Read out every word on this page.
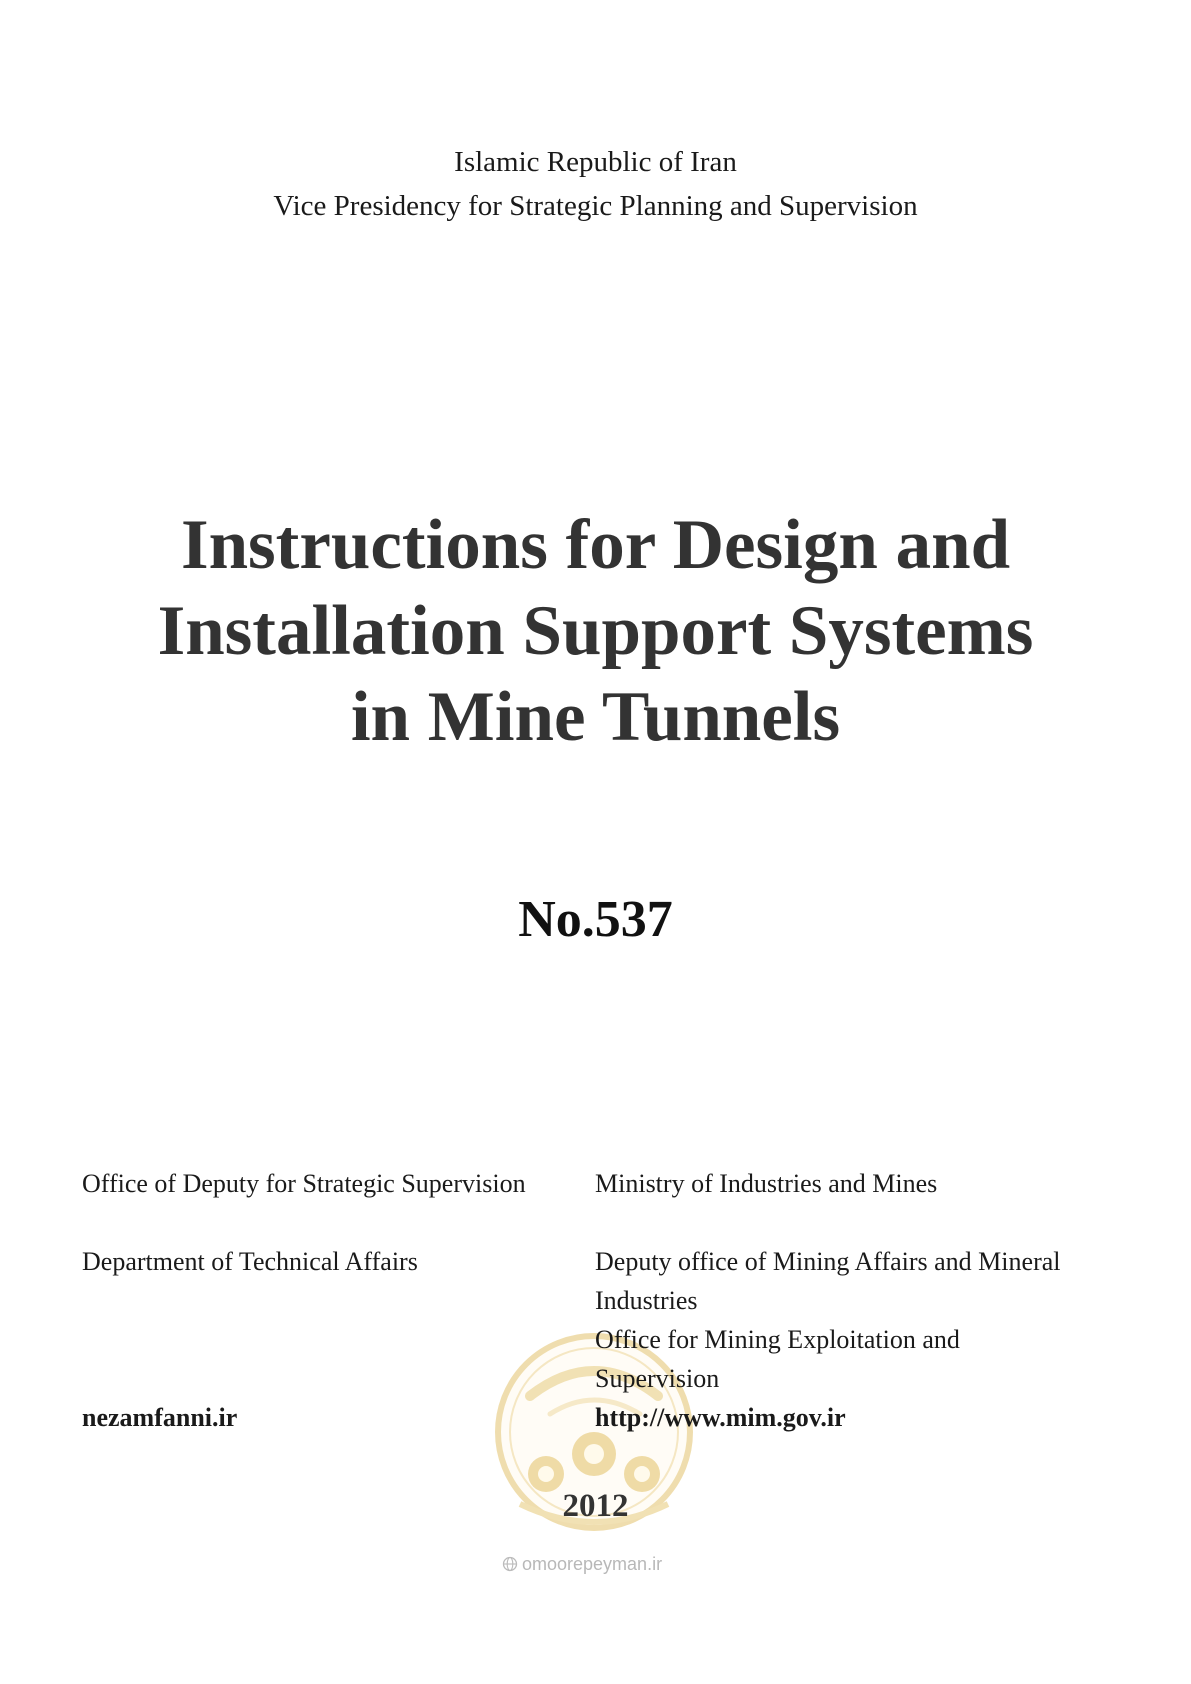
Islamic Republic of Iran
Vice Presidency for Strategic Planning and Supervision
Instructions for Design and
Installation Support Systems
in Mine Tunnels
No.537
Office of Deputy for Strategic Supervision
Department of Technical Affairs
nezamfanni.ir
Ministry of Industries and Mines
Deputy office of Mining Affairs and Mineral
Industries
Office for Mining Exploitation and
Supervision
http://www.mim.gov.ir
2012
omoorepeyman.ir
